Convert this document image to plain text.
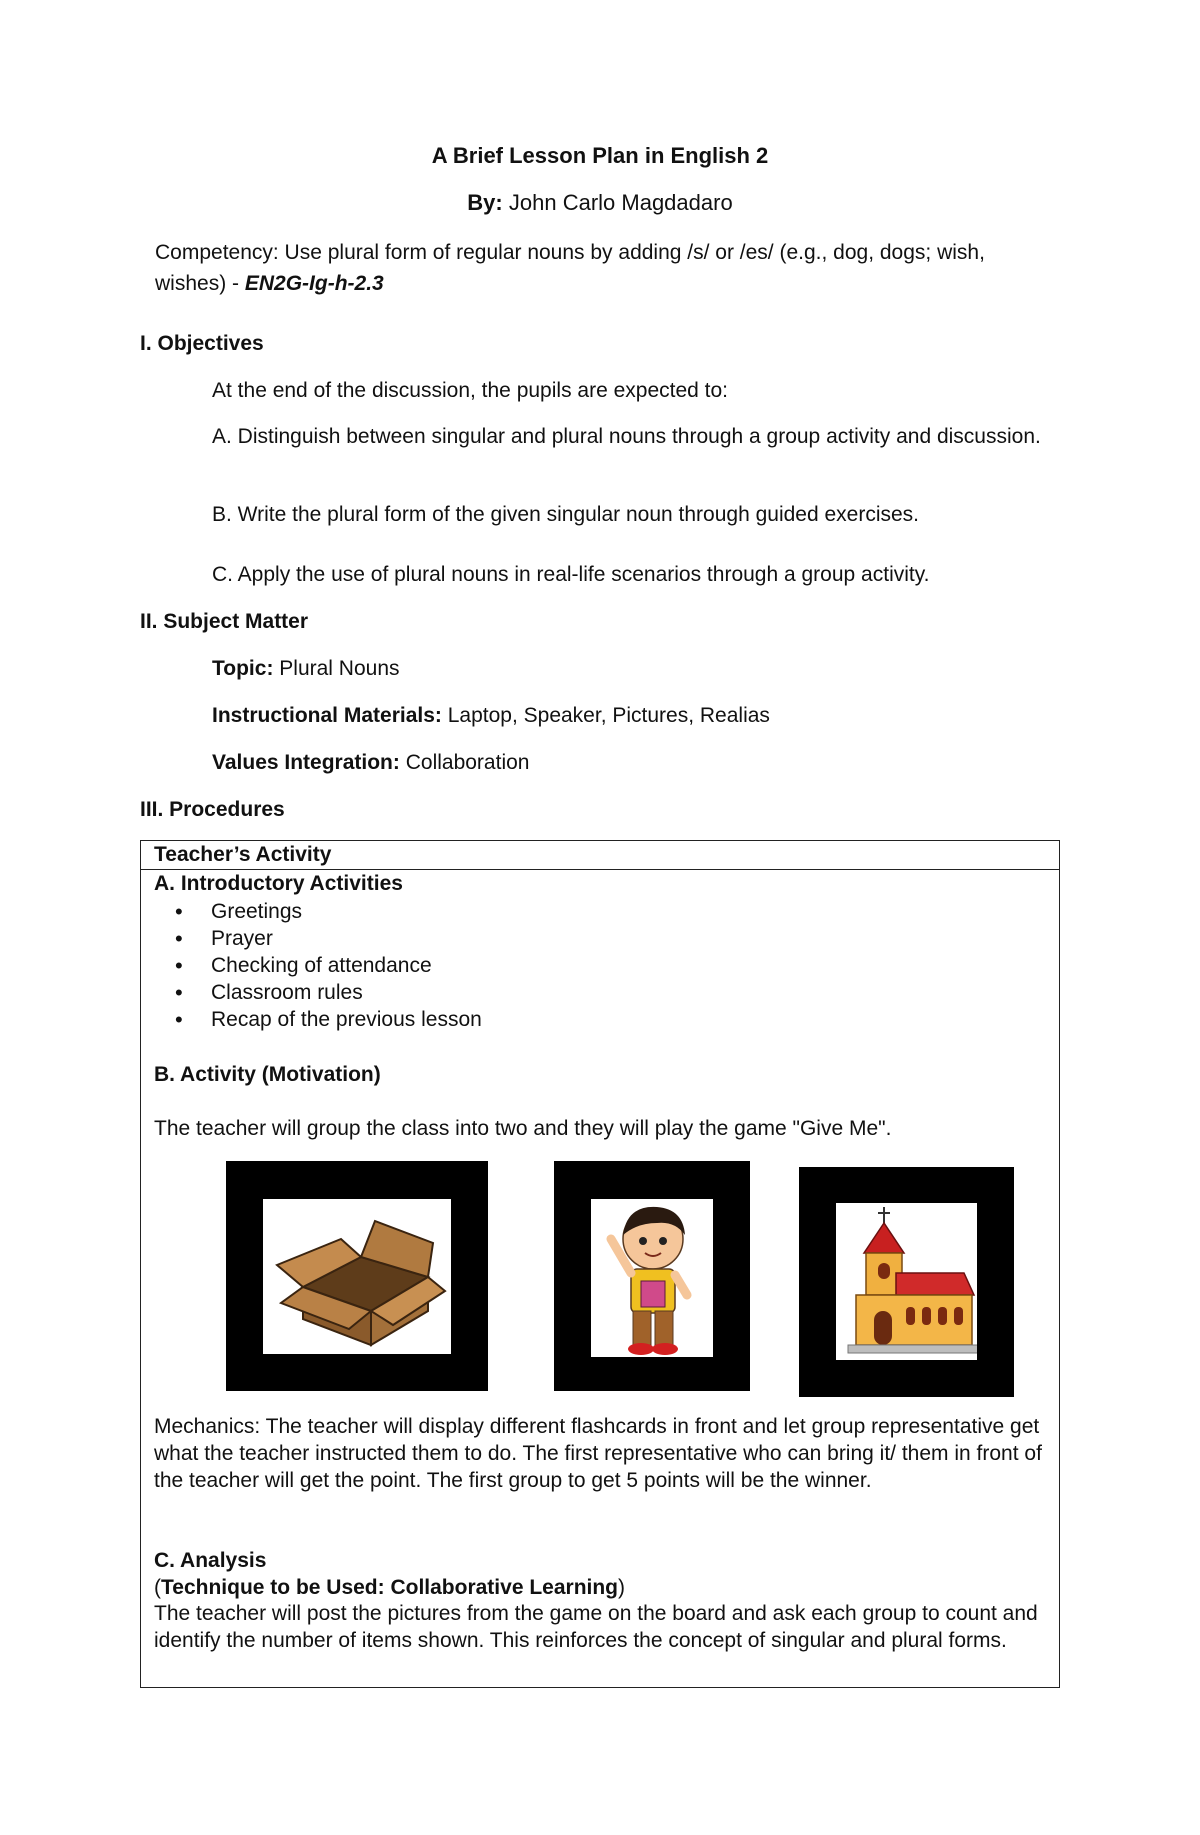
A Brief Lesson Plan in English 2
By: John Carlo Magdadaro
Competency: Use plural form of regular nouns by adding /s/ or /es/ (e.g., dog, dogs; wish, wishes) - EN2G-Ig-h-2.3
I. Objectives
At the end of the discussion, the pupils are expected to:
A. Distinguish between singular and plural nouns through a group activity and discussion.
B. Write the plural form of the given singular noun through guided exercises.
C. Apply the use of plural nouns in real-life scenarios through a group activity.
II. Subject Matter
Topic: Plural Nouns
Instructional Materials: Laptop, Speaker, Pictures, Realias
Values Integration: Collaboration
III. Procedures
Teacher’s Activity
A. Introductory Activities
• Greetings
• Prayer
• Checking of attendance
• Classroom rules
• Recap of the previous lesson
B. Activity (Motivation)
The teacher will group the class into two and they will play the game "Give Me".
Mechanics: The teacher will display different flashcards in front and let group representative get what the teacher instructed them to do. The first representative who can bring it/ them in front of the teacher will get the point. The first group to get 5 points will be the winner.
C. Analysis
(Technique to be Used: Collaborative Learning)
The teacher will post the pictures from the game on the board and ask each group to count and identify the number of items shown. This reinforces the concept of singular and plural forms.
